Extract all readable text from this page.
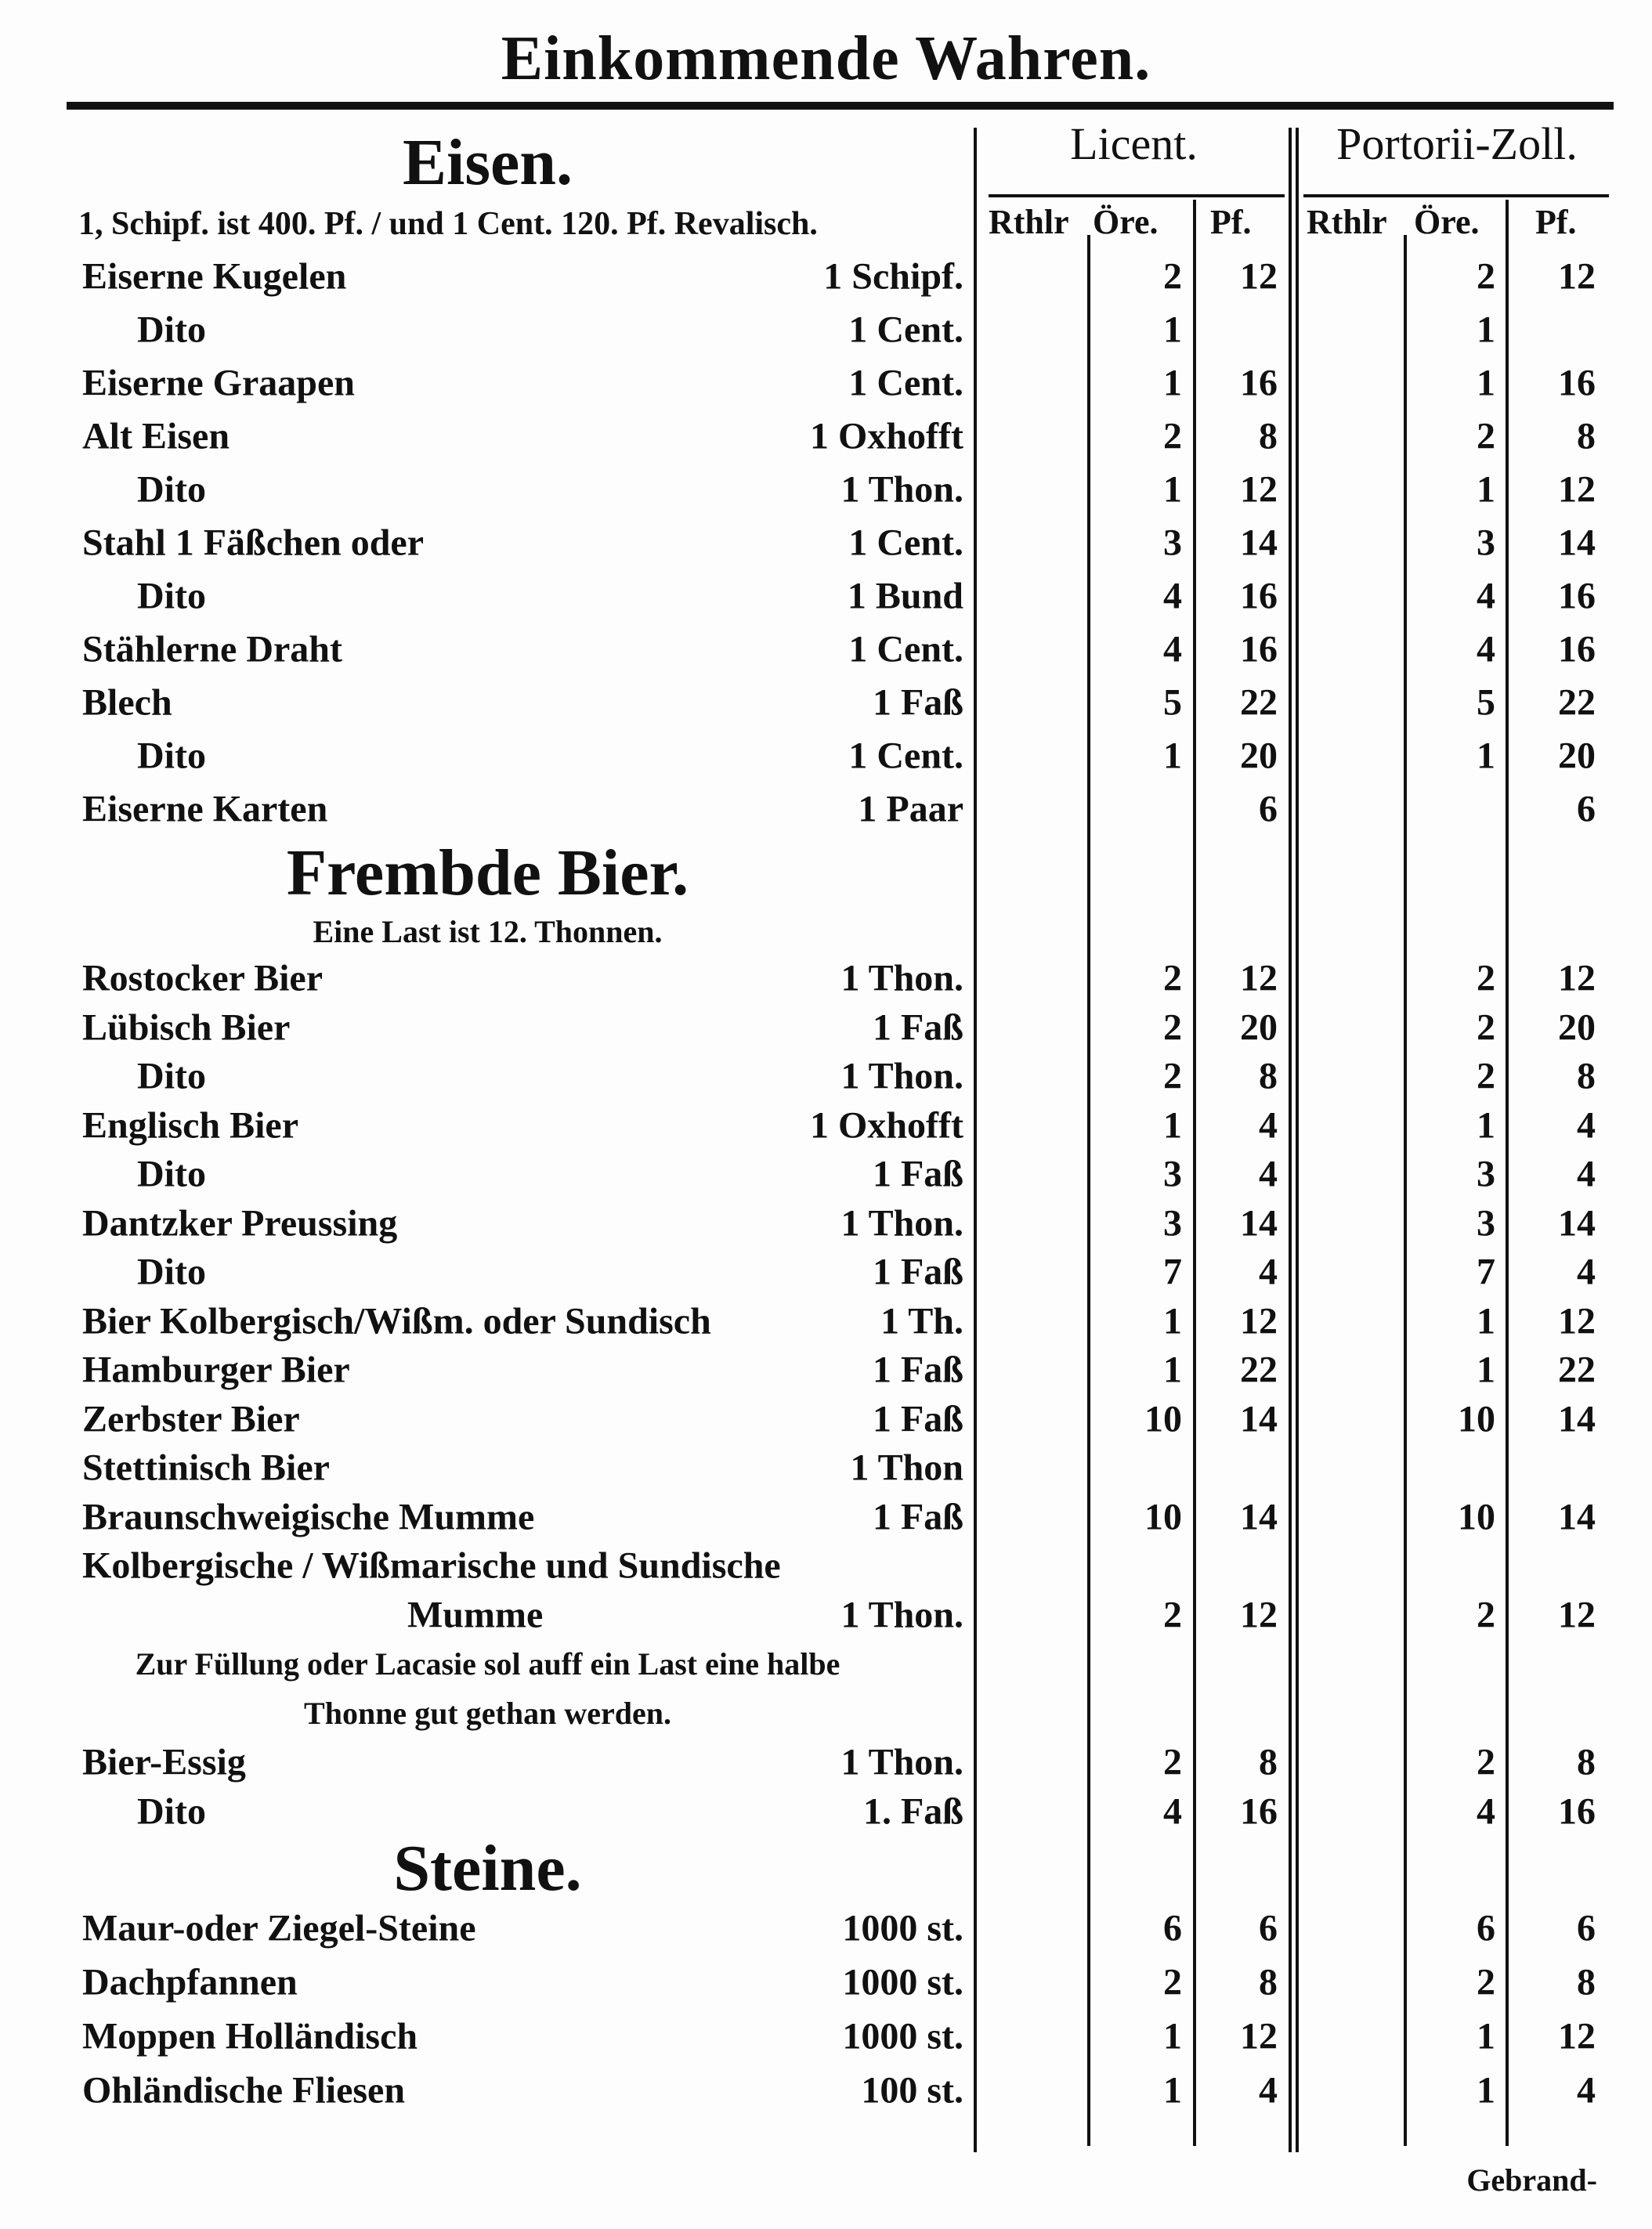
Einkommende Wahren.
Licent.	Portorii-Zoll.
Rthlr Öre. Pf. Rthlr Öre. Pf.
Eisen.
1, Schipf. ist 400. Pf. / und 1 Cent. 120. Pf. Revalisch.
Eiserne Kugelen	1 Schipf.	2 12	2 12
Dito	1 Cent.	1	1
Eiserne Graapen	1 Cent.	1 16	1 16
Alt Eisen	1 Oxhofft	2 8	2 8
Dito	1 Thon.	1 12	1 12
Stahl 1 Fäßchen oder	1 Cent.	3 14	3 14
Dito	1 Bund	4 16	4 16
Stählerne Draht	1 Cent.	4 16	4 16
Blech	1 Faß	5 22	5 22
Dito	1 Cent.	1 20	1 20
Eiserne Karten	1 Paar	6	6
Frembde Bier.
Eine Last ist 12. Thonnen.
Rostocker Bier	1 Thon.	2 12	2 12
Lübisch Bier	1 Faß	2 20	2 20
Dito	1 Thon.	2 8	2 8
Englisch Bier	1 Oxhofft	1 4	1 4
Dito	1 Faß	3 4	3 4
Dantzker Preussing	1 Thon.	3 14	3 14
Dito	1 Faß	7 4	7 4
Bier Kolbergisch/Wißm. oder Sundisch	1 Th.	1 12	1 12
Hamburger Bier	1 Faß	1 22	1 22
Zerbster Bier	1 Faß	10 14	10 14
Stettinisch Bier	1 Thon
Braunschweigische Mumme	1 Faß	10 14	10 14
Kolbergische / Wißmarische und Sundische
Mumme	1 Thon.	2 12	2 12
Zur Füllung oder Lacasie sol auff ein Last eine halbe
Thonne gut gethan werden.
Bier-Essig	1 Thon.	2 8	2 8
Dito	1. Faß	4 16	4 16
Steine.
Maur-oder Ziegel-Steine	1000 st.	6 6	6 6
Dachpfannen	1000 st.	2 8	2 8
Moppen Holländisch	1000 st.	1 12	1 12
Ohländische Fliesen	100 st.	1 4	1 4
Gebrand-
